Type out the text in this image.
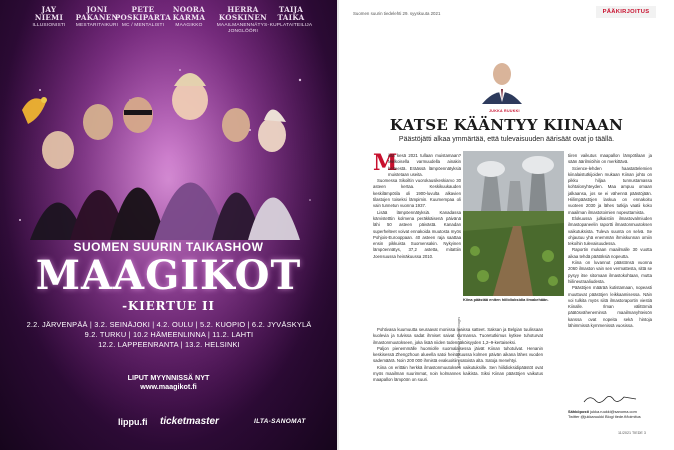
JAY
NIEMI
ILLUSIONISTI
JONI
PAKANEN
MESTARITAIKURI
PETE
POSKIPARTA
MC / MENTALISTI
NOORA
KARMA
MAAGIKKO
HERRA
KOSKINEN
MAAILMANENNÄTYS-
JONGLÖÖRI
TAIJA
TAIKA
KUPLATAITEILIJA
SUOMEN SUURIN TAIKASHOW
MAAGIKOT
-KIERTUE II
2.2. JÄRVENPÄÄ | 3.2. SEINÄJOKI | 4.2. OULU | 5.2. KUOPIO | 6.2. JYVÄSKYLÄ
9.2. TURKU | 10.2 HÄMEENLINNA | 11.2. LAHTI
12.2. LAPPEENRANTA | 13.2. HELSINKI
LIPUT MYYNNISSÄ NYT
www.maagikot.fi
lippu.fi ticketmaster	ILTA-SANOMAT
Suomen suurin tiedelehti 29. syyskuuta 2021	PÄÄKIRJOITUS
JUKKA RUUKKI
KATSE KÄÄNTYY KIINAAN
Päästöjätti alkaa ymmärtää, että tulevaisuuden äärisäät ovat jo täällä.
M

istä kesä 2021 tullaan muistamaan? Melkoisella varmuudella ainakin helteestä. Eräässä lämpöennätyksiä muistetaan useita.

Suomessa Sikoiltin vuorokausikeskiarvo 30 asteen kertaa. Keskikuukauden keskilämpötila oli 1900-luvulta alkavien tilastojen toiseksi lämpimin. Kuumempaa oli vain tunnetun vuonna 1937.

Lisää lämpöennätyksiä. Kanadassa kärvistetttin kolmena peräkkäisenä päivänä lähi 50 asteen päivästä. Kanadan superhelteet voivat ennakoida muutosta myös Pohjois-Eurooppaan. 40 asteen raja saattaa ensin pikkuista Suomensakin. Nykyinen lämpöennätys, 37,2 astetta, mitattiin Joensuussa heinäkuussa 2010.

Kiina päästää eniten hiilidioksidia ilmakehään.
Kuvat: Pia Ahonen ja Getty Images

Pohtivasa kuumuutta seuraavat monissa maissa satteet. Saksan ja Belgian tuulissaan kuolevia ja tulvissa sadat ihmiset saivat surmansa. Tuoretutkimus kytkee tuhoturvat ilmastonmuutokseen, joka lisää niiden todennäköisyyden 1,2–9-kertaiseksi.

Paljon pienemmälle huomiolle suomalaisessa jäivät Kiinan tuhotulvat. Henanin keskisessä Zhengzhoun alueella satoi heinäkuussa kolmen päivän aikana lähes vuoden sademäärä. Noin 200 000 ihmistä evakuoitiin satoista alta. Satoja menehtyi.

Kiina on erittäin herkkä ilmastonmuutoksen vaikutuksille. Sen hiilidioksidipäästöt ovat myös maailman suurimmat, noin kolmannes kaikista. Siksi Kiinan päästöjen vaikutus maapallon lämpöön on suuri.

tiiren vaikutus maapallon lämpötilaan ja sään äärilmiöihin on merkittävä.

Science-lehden haastattelemien kiinalaistutkijoiden mukaan Kiinan johto on pikku hiljaa tunnustamassa kohtalonyhteyden. Maa ampuu omaan jalkaansa, jos se ei vähennä päästöjään. Hiilimpäästöjen laskua on ennakoitu vuoteen 2030 ja lähes tutkija vaatii koko maailman ilmastotoimien nopeuttamista.

Elokuussa julkaistiin ilmastovalmiuden ilmastopaneelin raportti ilmastonmuutoksen vaikutuksista. Tuleva suunta on selvä. Se ohjautuu yhä enemmän ihmiskunnan omiin tekoihin tulevaisuudessa.

Raportin mukaan maailmalle 30 vuotta aikaa tehdä päätöksiä nopeutta.

Kiina on luvannut päästönsä vuonna 2060 ilmaston vain sen vermattesta, sittä se pysyy itse sitomaan ilmastokohtaan, mutta hiilineutraaliudesta.

Päästöjen määrää kutistamaan, nopeasti muuttuvat päästöjen leikkaamisessa. Näin voi tulkita myös siitä ilmastoraportin viestiä Kiinalle. Ilman välittömiä päätösväheneminsä maailmanyhteisön kanssa ovat nopeita sekä hintoja lähimmissä kymmenissä vuosissa.

Sähköposti jukka.ruukki@sanoma.com
Twitter @jukkaruukki Blogi tiede.fi/toimitus
11/2021 TIEDE 3
